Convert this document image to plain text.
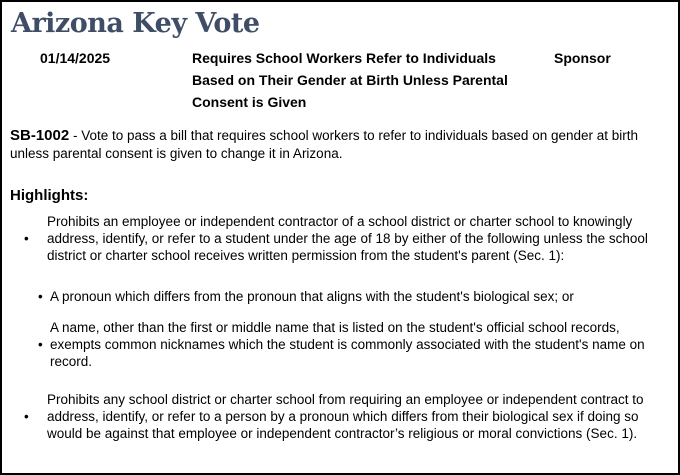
Arizona Key Vote
01/14/2025	Requires School Workers Refer to Individuals Based on Their Gender at Birth Unless Parental Consent is Given
Sponsor

SB-1002 - Vote to pass a bill that requires school workers to refer to individuals based on gender at birth unless parental consent is given to change it in Arizona.

Highlights:
•
Prohibits an employee or independent contractor of a school district or charter school to knowingly address, identify, or refer to a student under the age of 18 by either of the following unless the school district or charter school receives written permission from the student's parent (Sec. 1):
• A pronoun which differs from the pronoun that aligns with the student's biological sex; or
•
A name, other than the first or middle name that is listed on the student's official school records, exempts common nicknames which the student is commonly associated with the student's name on record.
•
Prohibits any school district or charter school from requiring an employee or independent contract to address, identify, or refer to a person by a pronoun which differs from their biological sex if doing so would be against that employee or independent contractor’s religious or moral convictions (Sec. 1).
